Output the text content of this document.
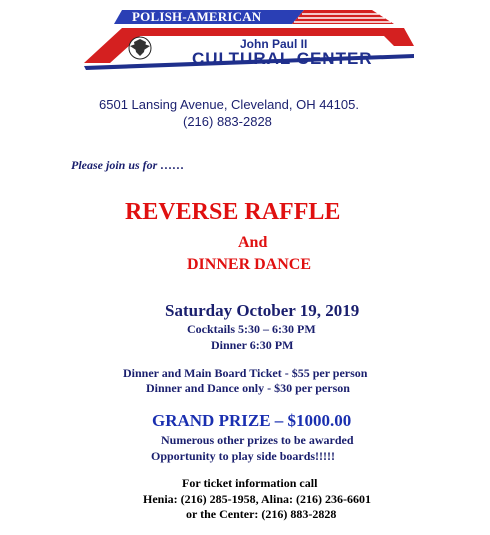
POLISH-AMERICAN
John Paul II
CULTURAL CENTER
6501 Lansing Avenue, Cleveland, OH 44105.
(216) 883-2828
Please join us for ……
REVERSE RAFFLE
And
DINNER DANCE
Saturday October 19, 2019
Cocktails 5:30 – 6:30 PM
Dinner 6:30 PM
Dinner and Main Board Ticket - $55 per person
Dinner and Dance only - $30 per person
GRAND PRIZE – $1000.00
Numerous other prizes to be awarded
Opportunity to play side boards!!!!!
For ticket information call
Henia: (216) 285-1958, Alina: (216) 236-6601
or the Center: (216) 883-2828
